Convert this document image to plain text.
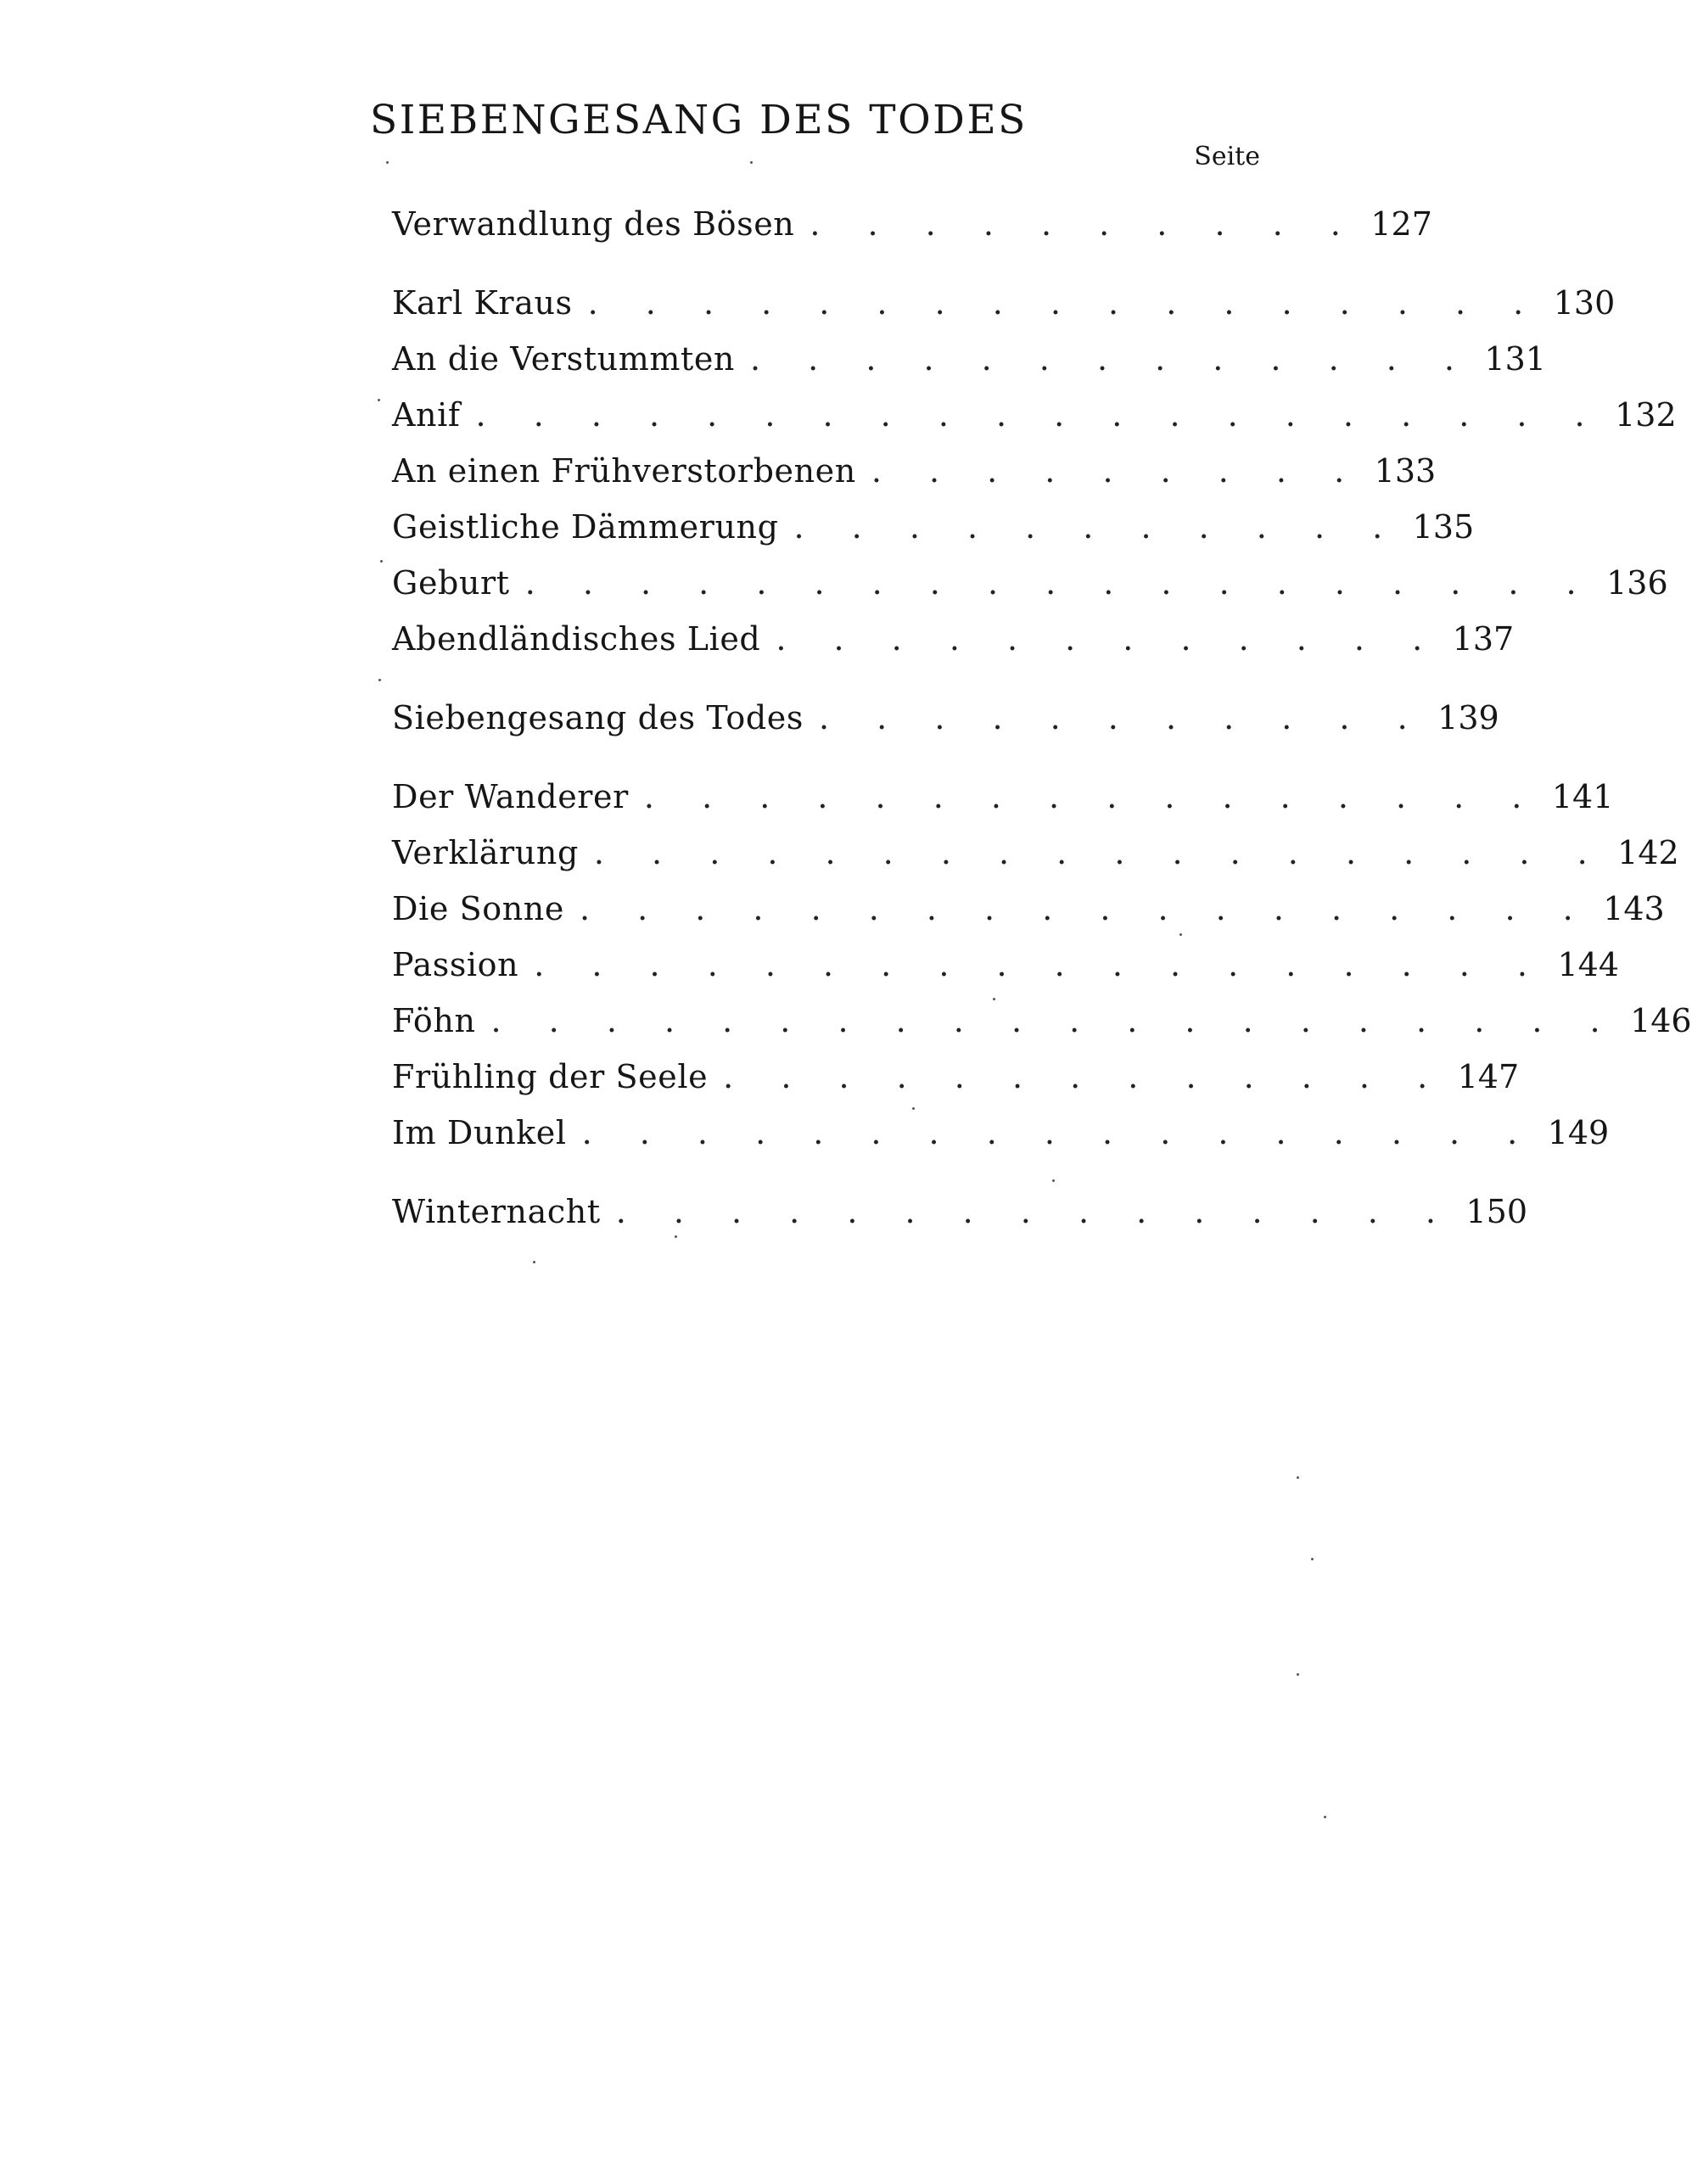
SIEBENGESANG DES TODES
Seite
Verwandlung des Bösen . . . . . . . . . . 127
Karl Kraus . . . . . . . . . . . . . . . . . 130
An die Verstummten . . . . . . . . . . . . . 131
Anif . . . . . . . . . . . . . . . . . . . . 132
An einen Frühverstorbenen . . . . . . . . . 133
Geistliche Dämmerung . . . . . . . . . . . 135
Geburt . . . . . . . . . . . . . . . . . . . 136
Abendländisches Lied . . . . . . . . . . . . 137
Siebengesang des Todes . . . . . . . . . . . 139
Der Wanderer . . . . . . . . . . . . . . . . 141
Verklärung . . . . . . . . . . . . . . . . . . 142
Die Sonne . . . . . . . . . . . . . . . . . . 143
Passion . . . . . . . . . . . . . . . . . . 144
Föhn . . . . . . . . . . . . . . . . . . . . 146
Frühling der Seele . . . . . . . . . . . . . 147
Im Dunkel . . . . . . . . . . . . . . . . . 149
Winternacht . . . . . . . . . . . . . . . 150
